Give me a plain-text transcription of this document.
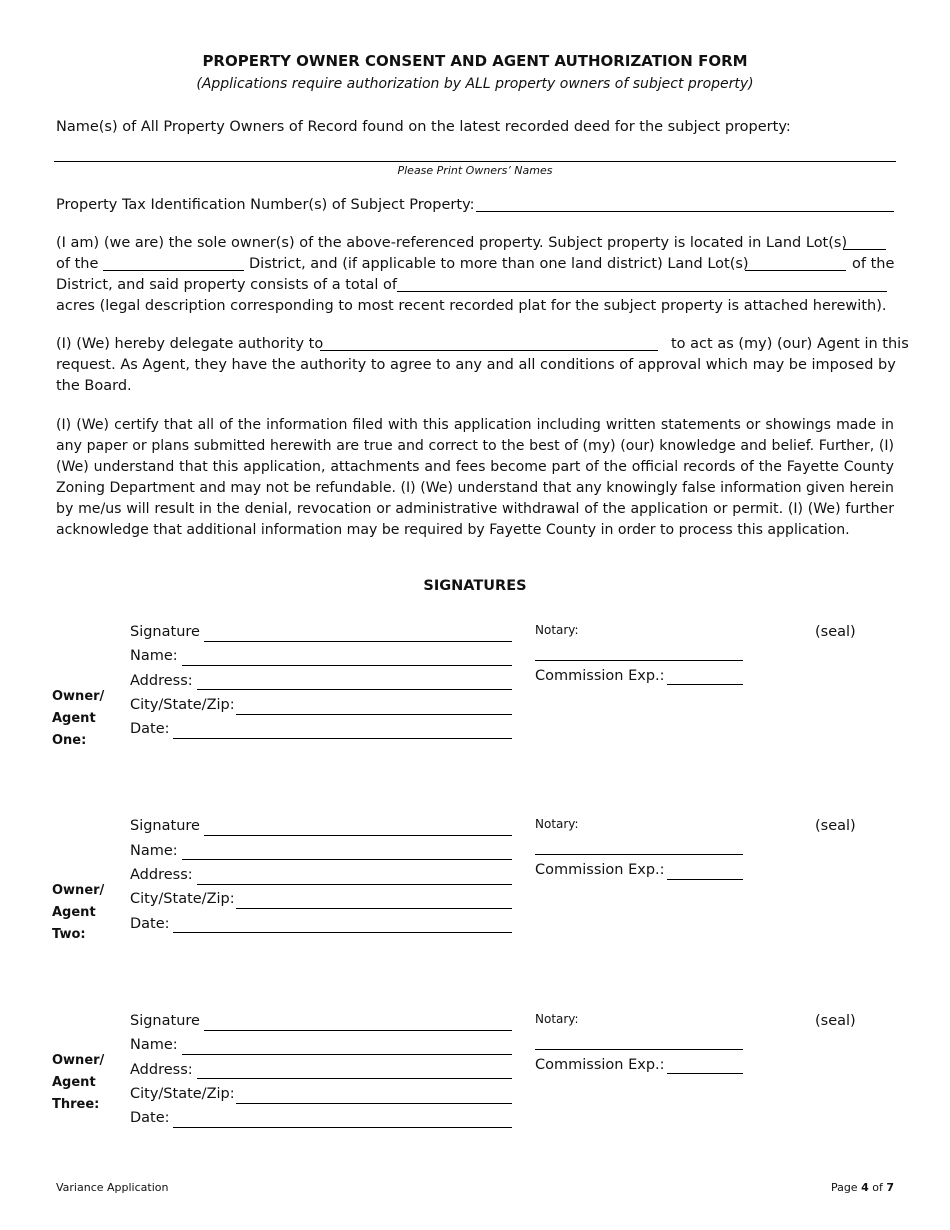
PROPERTY OWNER CONSENT AND AGENT AUTHORIZATION FORM
(Applications require authorization by ALL property owners of subject property)
Name(s) of All Property Owners of Record found on the latest recorded deed for the subject property:
Please Print Owners’ Names
Property Tax Identification Number(s) of Subject Property:
(I am) (we are) the sole owner(s) of the above-referenced property. Subject property is located in Land Lot(s)
of the	District, and (if applicable to more than one land district) Land Lot(s)	of the
District, and said property consists of a total of
acres (legal description corresponding to most recent recorded plat for the subject property is attached herewith).
(I) (We) hereby delegate authority to	to act as (my) (our) Agent in this
request. As Agent, they have the authority to agree to any and all conditions of approval which may be imposed by
the Board.
(I) (We) certify that all of the information filed with this application including written statements or showings made in any paper or plans submitted herewith are true and correct to the best of (my) (our) knowledge and belief. Further, (I) (We) understand that this application, attachments and fees become part of the official records of the Fayette County Zoning Department and may not be refundable. (I) (We) understand that any knowingly false information given herein by me/us will result in the denial, revocation or administrative withdrawal of the application or permit. (I) (We) further acknowledge that additional information may be required by Fayette County in order to process this application.
SIGNATURES
Owner/
Agent
One:
Signature
Name:
Address:
City/State/Zip:
Date:
Notary:
Commission Exp.:
(seal)
Owner/
Agent
Two:
Signature
Name:
Address:
City/State/Zip:
Date:
Notary:
Commission Exp.:
(seal)
Owner/
Agent
Three:
Signature
Name:
Address:
City/State/Zip:
Date:
Notary:
Commission Exp.:
(seal)
Variance Application	Page 4 of 7
